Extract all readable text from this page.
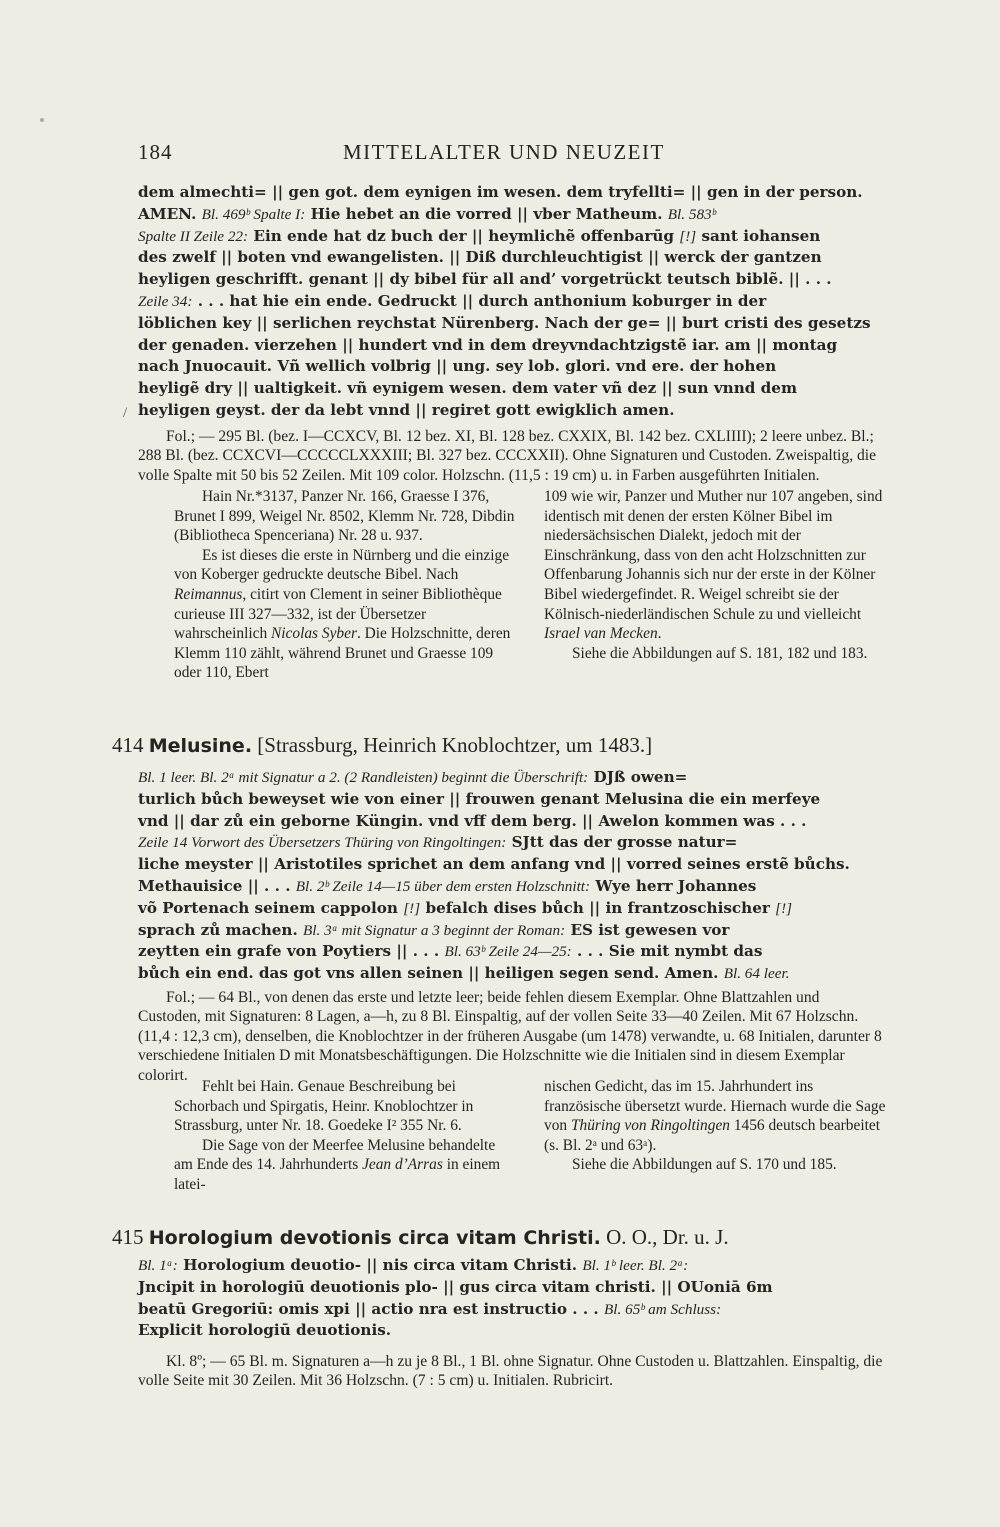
184	MITTELALTER UND NEUZEIT

dem almechti= || gen got. dem eynigen im wesen. dem tryfellti= || gen in der person.

AMEN. Bl. 469ᵇ Spalte I: Hie hebet an die vorred || vber Matheum. Bl. 583ᵇ

Spalte II Zeile 22: Ein ende hat dz buch der || heymlichẽ offenbarūg [!] sant iohansen

des zwelf || boten vnd ewangelisten. || Diß durchleuchtigist || werck der gantzen

heyligen geschrifft. genant || dy bibel für all and’ vorgetrückt teutsch biblẽ. || . . .

Zeile 34: . . . hat hie ein ende. Gedruckt || durch anthonium koburger in der

löblichen key || serlichen reychstat Nürenberg. Nach der ge= || burt cristi des gesetzs

der genaden. vierzehen || hundert vnd in dem dreyvndachtzigstẽ iar. am || montag

nach Jnuocauit. Vñ wellich volbrig || ung. sey lob. glori. vnd ere. der hohen

heyligẽ dry || ualtigkeit. vñ eynigem wesen. dem vater vñ dez || sun vnnd dem

heyligen geyst. der da lebt vnnd || regiret gott ewigklich amen.

/

Fol.; — 295 Bl. (bez. I—CCXCV, Bl. 12 bez. XI, Bl. 128 bez. CXXIX, Bl. 142 bez. CXLIIII); 2 leere unbez. Bl.; 288 Bl. (bez. CCXCVI—CCCCCLXXXIII; Bl. 327 bez. CCCXXII). Ohne Signaturen und Custoden. Zweispaltig, die volle Spalte mit 50 bis 52 Zeilen. Mit 109 color. Holzschn. (11,5 : 19 cm) u. in Farben ausgeführten Initialen.

Hain Nr.*3137, Panzer Nr. 166, Graesse I 376, Brunet I 899, Weigel Nr. 8502, Klemm Nr. 728, Dibdin (Bibliotheca Spenceriana) Nr. 28 u. 937.

Es ist dieses die erste in Nürnberg und die einzige von Koberger gedruckte deutsche Bibel. Nach Reimannus, citirt von Clement in seiner Bibliothèque curieuse III 327—332, ist der Übersetzer wahrscheinlich Nicolas Syber. Die Holzschnitte, deren Klemm 110 zählt, während Brunet und Graesse 109 oder 110, Ebert

109 wie wir, Panzer und Muther nur 107 angeben, sind identisch mit denen der ersten Kölner Bibel im niedersächsischen Dialekt, jedoch mit der Einschränkung, dass von den acht Holzschnitten zur Offenbarung Johannis sich nur der erste in der Kölner Bibel wiedergefindet. R. Weigel schreibt sie der Kölnisch-niederländischen Schule zu und vielleicht Israel van Mecken.

Siehe die Abbildungen auf S. 181, 182 und 183.

414 Melusine. [Strassburg, Heinrich Knoblochtzer, um 1483.]

Bl. 1 leer. Bl. 2ᵃ mit Signatur a 2. (2 Randleisten) beginnt die Überschrift: DJß owen=

turlich bůch beweyset wie von einer || frouwen genant Melusina die ein merfeye

vnd || dar zů ein geborne Küngin. vnd vff dem berg. || Awelon kommen was . . .

Zeile 14 Vorwort des Übersetzers Thüring von Ringoltingen: SJtt das der grosse natur=

liche meyster || Aristotiles sprichet an dem anfang vnd || vorred seines erstẽ bůchs.

Methauisice || . . . Bl. 2ᵇ Zeile 14—15 über dem ersten Holzschnitt: Wye herr Johannes

võ Portenach seinem cappolon [!] befalch dises bůch || in frantzoschischer [!]

sprach zů machen. Bl. 3ᵃ mit Signatur a 3 beginnt der Roman: ES ist gewesen vor

zeytten ein grafe von Poytiers || . . . Bl. 63ᵇ Zeile 24—25: . . . Sie mit nymbt das

bůch ein end. das got vns allen seinen || heiligen segen send. Amen. Bl. 64 leer.

Fol.; — 64 Bl., von denen das erste und letzte leer; beide fehlen diesem Exemplar. Ohne Blattzahlen und Custoden, mit Signaturen: 8 Lagen, a—h, zu 8 Bl. Einspaltig, auf der vollen Seite 33—40 Zeilen. Mit 67 Holzschn. (11,4 : 12,3 cm), denselben, die Knoblochtzer in der früheren Ausgabe (um 1478) verwandte, u. 68 Initialen, darunter 8 verschiedene Initialen D mit Monatsbeschäftigungen. Die Holzschnitte wie die Initialen sind in diesem Exemplar colorirt.

Fehlt bei Hain. Genaue Beschreibung bei Schorbach und Spirgatis, Heinr. Knoblochtzer in Strassburg, unter Nr. 18. Goedeke I² 355 Nr. 6.

Die Sage von der Meerfee Melusine behandelte am Ende des 14. Jahrhunderts Jean d’Arras in einem latei-

nischen Gedicht, das im 15. Jahrhundert ins französische übersetzt wurde. Hiernach wurde die Sage von Thüring von Ringoltingen 1456 deutsch bearbeitet (s. Bl. 2ᵃ und 63ᵃ).

Siehe die Abbildungen auf S. 170 und 185.

415 Horologium devotionis circa vitam Christi. O. O., Dr. u. J.

Bl. 1ᵃ: Horologium deuotio- || nis circa vitam Christi. Bl. 1ᵇ leer. Bl. 2ᵃ:

Jncipit in horologiū deuotionis plo- || gus circa vitam christi. || OUoniā 6m

beatū Gregoriū: omis xpi || actio nra est instructio . . . Bl. 65ᵇ am Schluss:

Explicit horologiū deuotionis.

Kl. 8º; — 65 Bl. m. Signaturen a—h zu je 8 Bl., 1 Bl. ohne Signatur. Ohne Custoden u. Blattzahlen. Einspaltig, die volle Seite mit 30 Zeilen. Mit 36 Holzschn. (7 : 5 cm) u. Initialen. Rubricirt.
